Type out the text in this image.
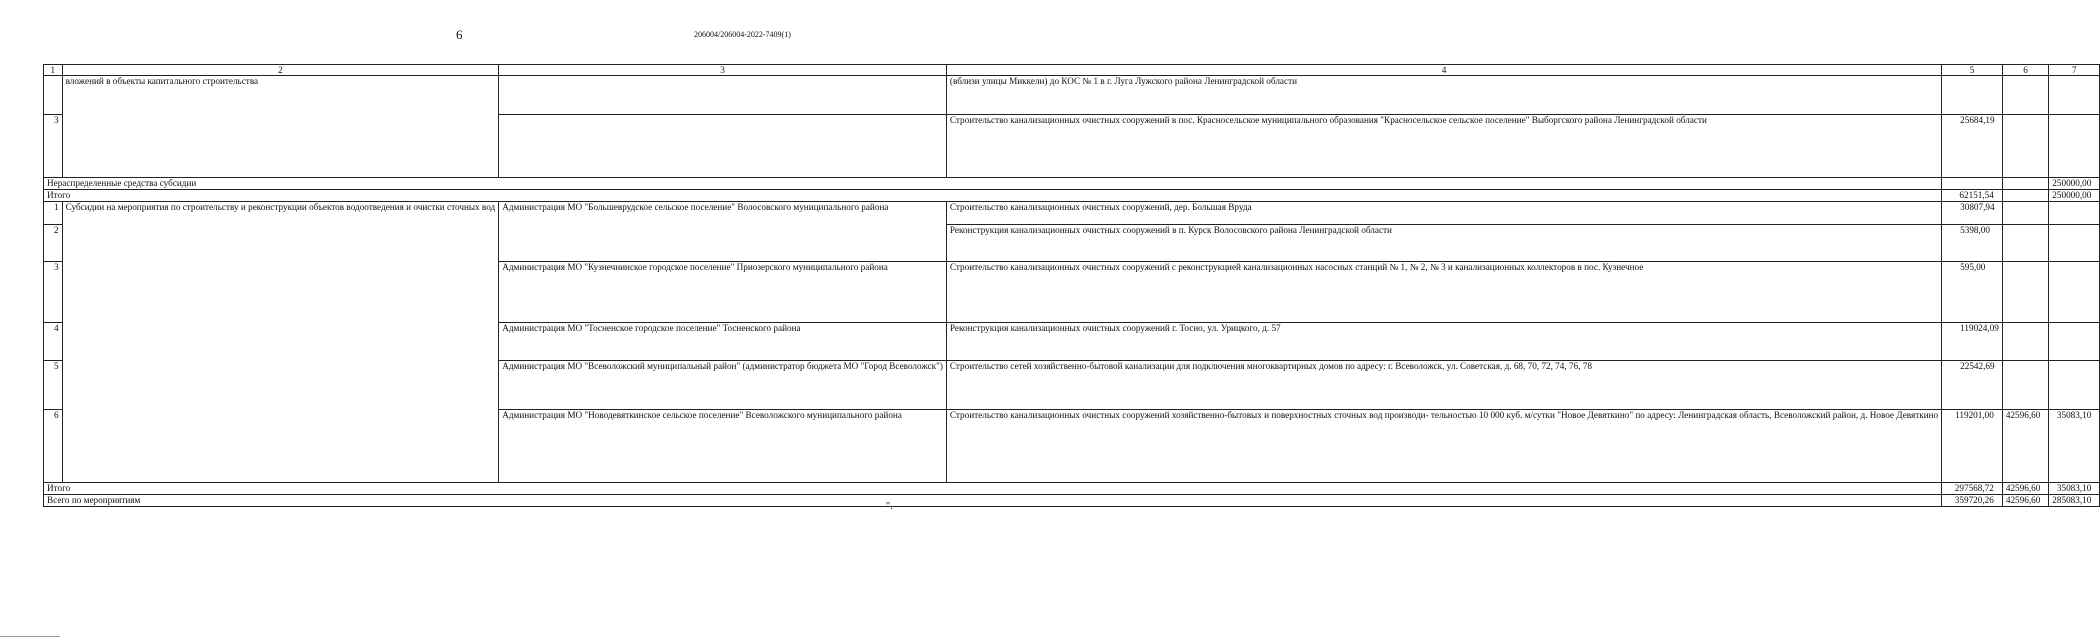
6	206004/206004-2022-7409(1)
1	2	3	4	5	6	7
	вложений в объекты капитального строительства		(вблизи улицы Миккели) до КОС № 1 в г. Луга Лужского района Ленинградской области			
3			Строительство канализационных очистных сооружений в пос. Красносельское муниципального образования "Красносельское сельское поселение" Выборгского района Ленинградской области	25684,19		
Нераспределенные средства субсидии						250000,00
Итого				62151,54		250000,00
1	Субсидии на мероприятия по строительству и реконструкции объектов водоотведения и очистки сточных вод	Администрация МО "Большеврудское сельское поселение" Волосовского муниципального района	Строительство канализационных очистных сооружений, дер. Большая Вруда	30807,94		
2			Реконструкция канализационных очистных сооружений в п. Курск Волосовского района Ленинградской области	5398,00		
3		Администрация МО "Кузнечнинское городское поселение" Приозерского муниципального района	Строительство канализационных очистных сооружений с реконструкцией канализационных насосных станций № 1, № 2, № 3 и канализационных коллекторов в пос. Кузнечное	595,00		
4		Администрация МО "Тосненское городское поселение" Тосненского района	Реконструкция канализационных очистных сооружений г. Тосно, ул. Урицкого, д. 57	119024,09		
5		Администрация МО "Всеволожский муниципальный район" (администратор бюджета МО "Город Всеволожск")	Строительство сетей хозяйственно-бытовой канализации для подключения многоквартирных домов по адресу: г. Всеволожск, ул. Советская, д. 68, 70, 72, 74, 76, 78	22542,69		
6		Администрация МО "Новодевяткинское сельское поселение" Всеволожского муниципального района	Строительство канализационных очистных сооружений хозяйственно-бытовых и поверхностных сточных вод производи- тельностью 10 000 куб. м/сутки "Новое Девяткино" по адресу: Ленинградская область, Всеволожский район, д. Новое Девяткино	119201,00	42596,60	35083,10
Итого				297568,72	42596,60	35083,10
Всего по мероприятиям				359720,26	42596,60	285083,10
".
